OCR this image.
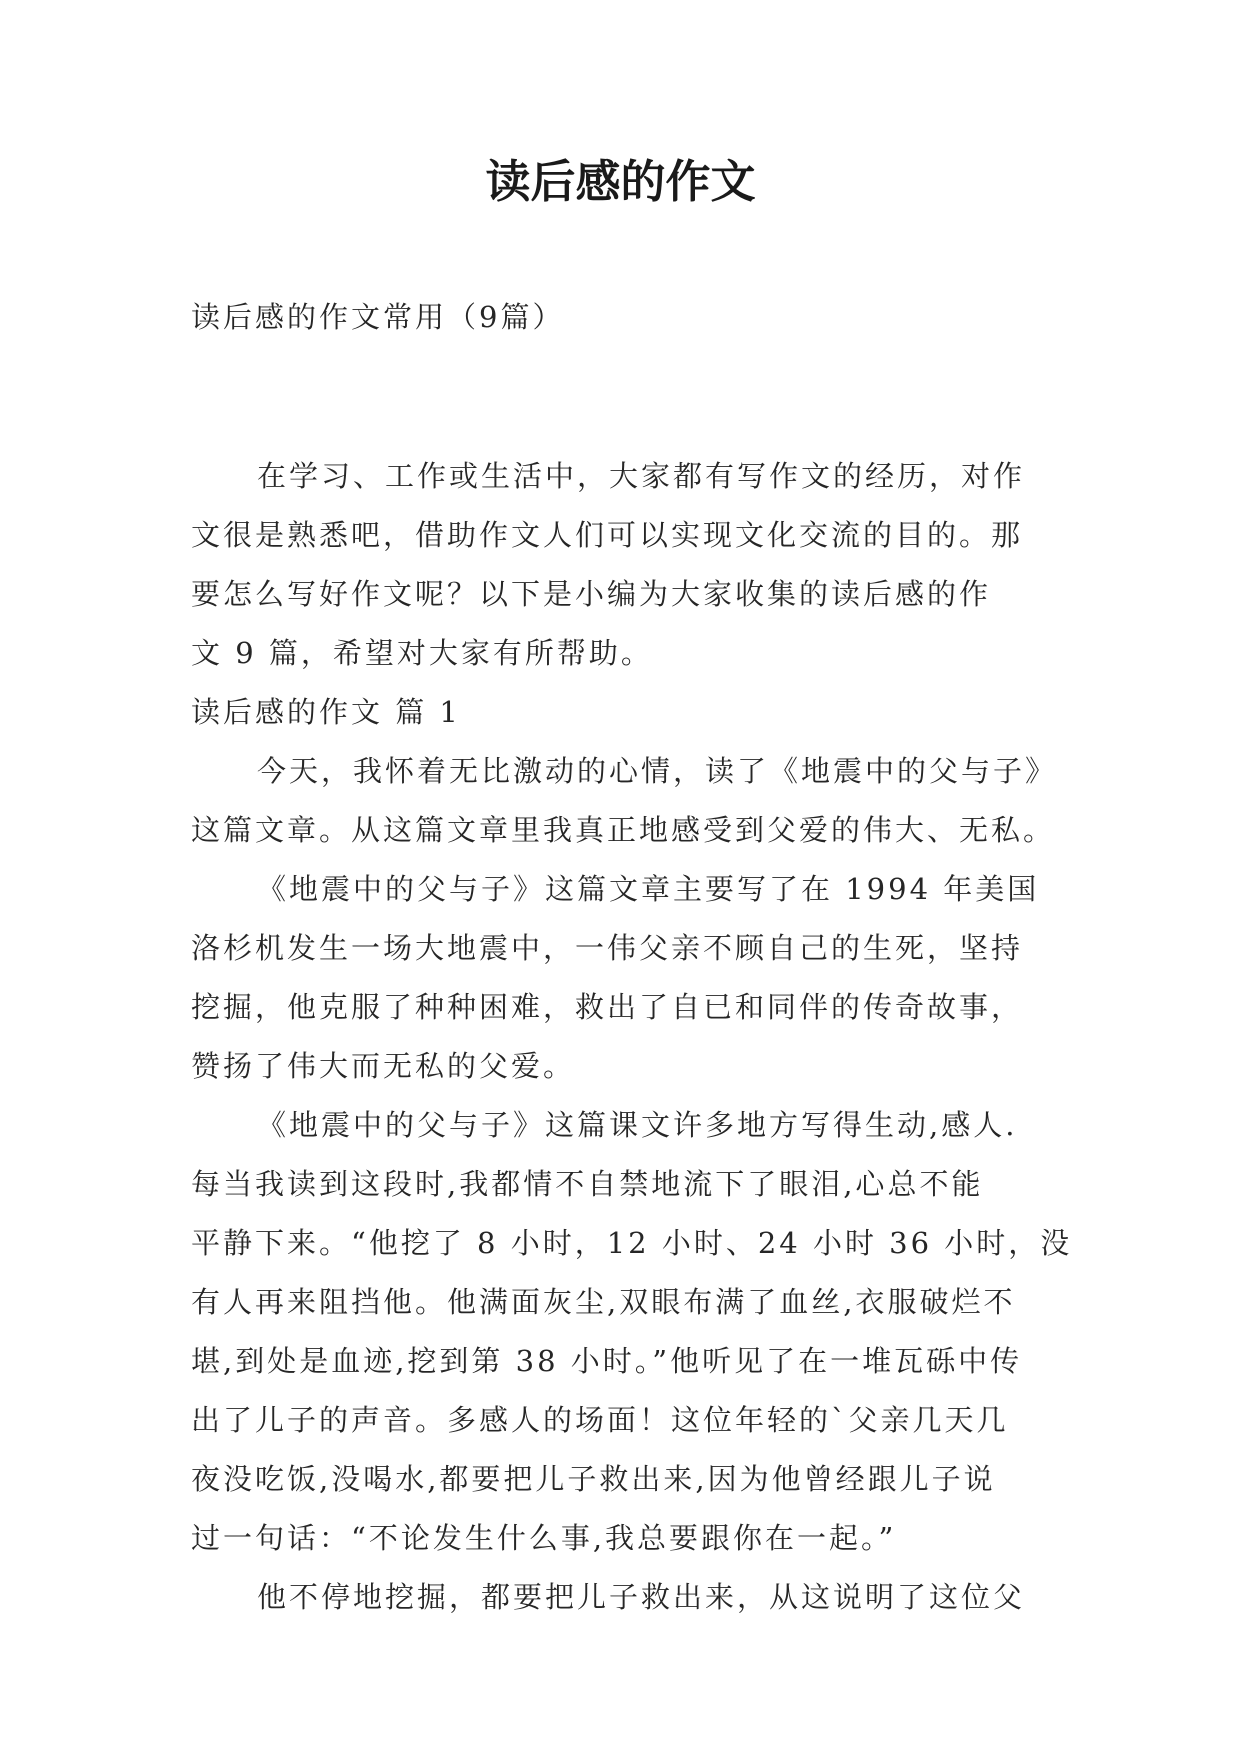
读后感的作文
读后感的作文常用（9篇）
在学习、工作或生活中，大家都有写作文的经历，对作
文很是熟悉吧，借助作文人们可以实现文化交流的目的。那
要怎么写好作文呢？以下是小编为大家收集的读后感的作
文 9 篇，希望对大家有所帮助。
读后感的作文 篇 1
今天，我怀着无比激动的心情，读了《地震中的父与子》
这篇文章。从这篇文章里我真正地感受到父爱的伟大、无私。
《地震中的父与子》这篇文章主要写了在 1994 年美国
洛杉机发生一场大地震中，一伟父亲不顾自己的生死，坚持
挖掘，他克服了种种困难，救出了自已和同伴的传奇故事，
赞扬了伟大而无私的父爱。
《地震中的父与子》这篇课文许多地方写得生动,感人.
每当我读到这段时,我都情不自禁地流下了眼泪,心总不能
平静下来。“他挖了 8 小时，12 小时、24 小时 36 小时，没
有人再来阻挡他。他满面灰尘,双眼布满了血丝,衣服破烂不
堪,到处是血迹,挖到第 38 小时。”他听见了在一堆瓦砾中传
出了儿子的声音。多感人的场面！这位年轻的`父亲几天几
夜没吃饭,没喝水,都要把儿子救出来,因为他曾经跟儿子说
过一句话：“不论发生什么事,我总要跟你在一起。”
他不停地挖掘，都要把儿子救出来，从这说明了这位父
